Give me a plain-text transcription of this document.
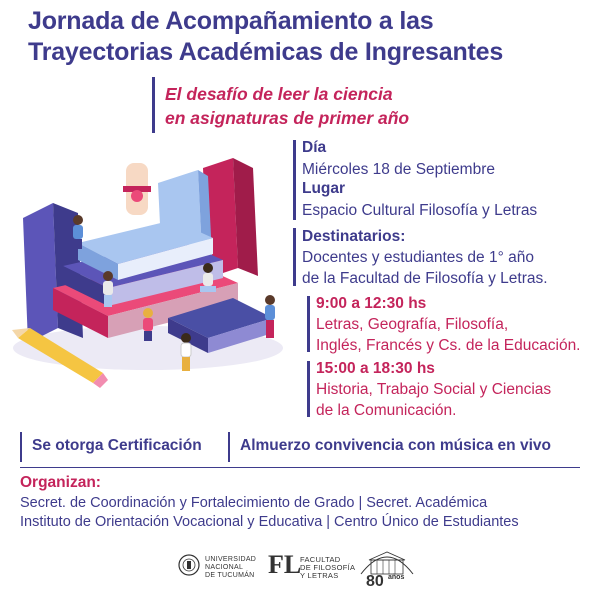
Jornada de Acompañamiento a las
Trayectorias Académicas de Ingresantes
El desafío de leer la ciencia
en asignaturas de primer año
Día
Miércoles 18 de Septiembre
Lugar
Espacio Cultural Filosofía y Letras
Destinatarios:
Docentes y estudiantes de 1° año
de la Facultad de Filosofía y Letras.
9:00 a 12:30 hs
Letras, Geografía, Filosofía,
Inglés, Francés y Cs. de la Educación.
15:00 a 18:30 hs
Historia, Trabajo Social y Ciencias
de la Comunicación.
Se otorga Certificación Almuerzo convivencia con música en vivo
Organizan:
Secret. de Coordinación y Fortalecimiento de Grado | Secret. Académica
Instituto de Orientación Vocacional y Educativa | Centro Único de Estudiantes
UNIVERSIDAD
NACIONAL
DE TUCUMÁN FL
FACULTAD
DE FILOSOFÍA
Y LETRAS	80 años
